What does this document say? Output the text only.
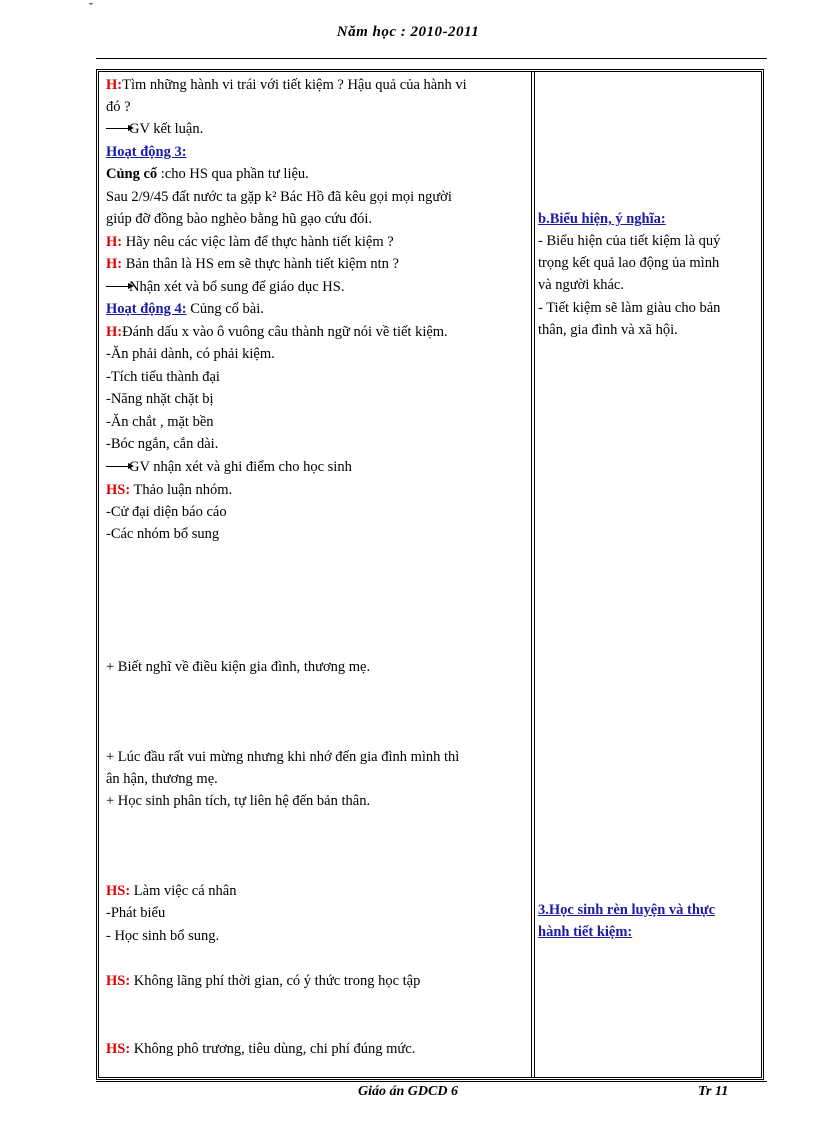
ˇ
Năm học : 2010-2011
H:Tìm những hành vi trái với tiết kiệm ? Hậu quả của hành vi
đó ?
GV kết luận.
Hoạt động 3:
Củng cố :cho HS qua phần tư liệu.
Sau 2/9/45 đất nước ta gặp k² Bác Hồ đã kêu gọi mọi người
giúp đỡ đồng bào nghèo bằng hũ gạo cứu đói.
H: Hãy nêu các việc làm để thực hành tiết kiệm ?
H: Bản thân là HS em sẽ thực hành tiết kiệm ntn ?
Nhận xét và bổ sung để giáo dục HS.
Hoạt động 4: Củng cố bài.
H:Đánh dấu x vào ô vuông câu thành ngữ nói về tiết kiệm.
-Ăn phải dành, có phải kiệm.
-Tích tiểu thành đại
-Năng nhặt chặt bị
-Ăn chắt , mặt bền
-Bóc ngắn, cắn dài.
GV nhận xét và ghi điểm cho học sinh
HS: Thảo luận nhóm.
-Cử đại diện báo cáo
-Các nhóm bổ sung
+ Biết nghĩ về điều kiện gia đình, thương mẹ.
+ Lúc đầu rất vui mừng nhưng khi nhớ đến gia đình mình thì
ân hận, thương mẹ.
+ Học sinh phân tích, tự liên hệ đến bản thân.
HS: Làm việc cá nhân
-Phát biểu
- Học sinh bổ sung.
HS: Không lãng phí thời gian, có ý thức trong học tập
HS: Không phô trương, tiêu dùng, chi phí đúng mức.
b.Biểu hiện, ý nghĩa:
- Biểu hiện của tiết kiệm là quý
trọng kết quả lao động ủa mình
và người khác.
- Tiết kiệm sẽ làm giàu cho bản
thân, gia đình và xã hội.
3.Học sinh rèn luyện và thực
hành tiết kiệm:
Giáo án GDCD 6	Tr 11
